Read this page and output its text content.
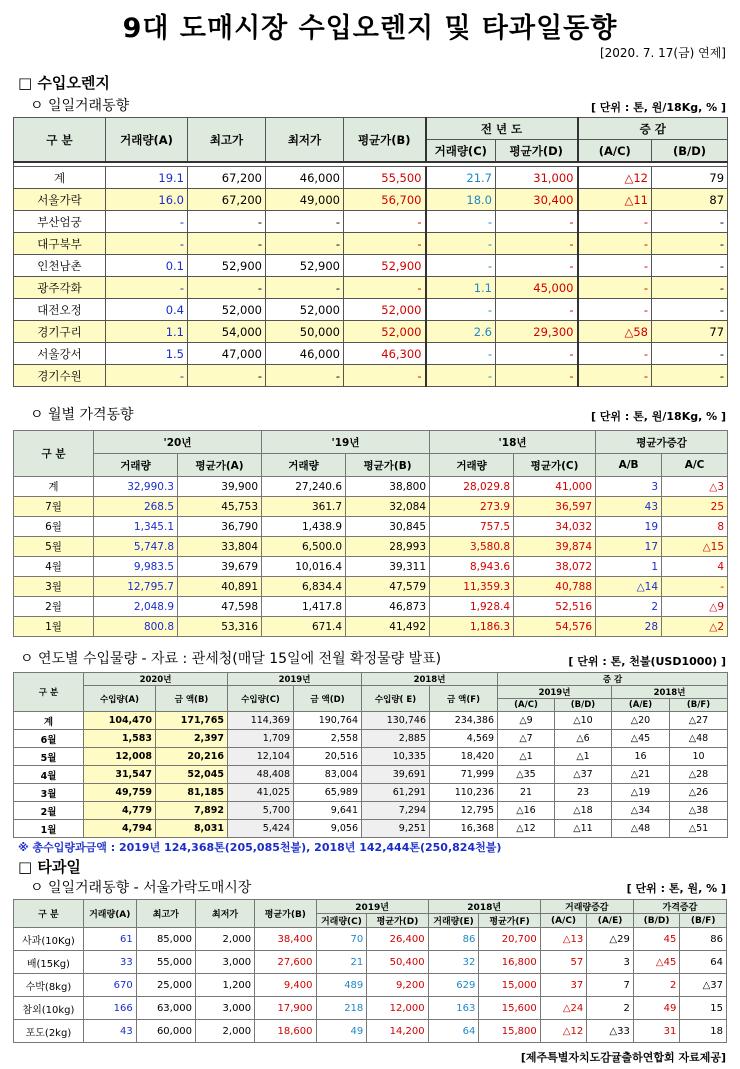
9대 도매시장 수입오렌지 및 타과일동향
[2020. 7. 17(금) 연제]
□ 수입오렌지
ㅇ 일일거래동향	[ 단위 : 톤, 원/18Kg, % ]
구 분	거래량(A)	최고가	최저가	평균가(B)	전 년 도		증 감	
					거래량(C)	평균가(D)	(A/C)	(B/D)

계	19.1	67,200	46,000	55,500	21.7	31,000	△12	79
서울가락	16.0	67,200	49,000	56,700	18.0	30,400	△11	87
부산엄궁	-	-	-	-	-	-	-	-
대구북부	-	-	-	-	-	-	-	-
인천남촌	0.1	52,900	52,900	52,900	-	-	-	-
광주각화	-	-	-	-	1.1	45,000	-	-
대전오정	0.4	52,000	52,000	52,000	-	-	-	-
경기구리	1.1	54,000	50,000	52,000	2.6	29,300	△58	77
서울강서	1.5	47,000	46,000	46,300	-	-	-	-
경기수원	-	-	-	-	-	-	-	-
ㅇ 월별 가격동향	[ 단위 : 톤, 원/18Kg, % ]
구 분	'20년		'19년		'18년		평균가증감	
	거래량	평균가(A)	거래량	평균가(B)	거래량	평균가(C)	A/B	A/C
계	32,990.3	39,900	27,240.6	38,800	28,029.8	41,000	3	△3
7월	268.5	45,753	361.7	32,084	273.9	36,597	43	25
6월	1,345.1	36,790	1,438.9	30,845	757.5	34,032	19	8
5월	5,747.8	33,804	6,500.0	28,993	3,580.8	39,874	17	△15
4월	9,983.5	39,679	10,016.4	39,311	8,943.6	38,072	1	4
3월	12,795.7	40,891	6,834.4	47,579	11,359.3	40,788	△14	-
2월	2,048.9	47,598	1,417.8	46,873	1,928.4	52,516	2	△9
1월	800.8	53,316	671.4	41,492	1,186.3	54,576	28	△2
ㅇ 연도별 수입물량 - 자료 : 관세청(매달 15일에 전월 확정물량 발표)	[ 단위 : 톤, 천불(USD1000) ]
구 분	2020년		2019년		2018년		증 감			
	수입량(A)	금 액(B)	수입량(C)	금 액(D)	수입량( E)	금 액(F)	2019년		2018년	
							(A/C)	(B/D)	(A/E)	(B/F)
계	104,470	171,765	114,369	190,764	130,746	234,386	△9	△10	△20	△27
6월	1,583	2,397	1,709	2,558	2,885	4,569	△7	△6	△45	△48
5월	12,008	20,216	12,104	20,516	10,335	18,420	△1	△1	16	10
4월	31,547	52,045	48,408	83,004	39,691	71,999	△35	△37	△21	△28
3월	49,759	81,185	41,025	65,989	61,291	110,236	21	23	△19	△26
2월	4,779	7,892	5,700	9,641	7,294	12,795	△16	△18	△34	△38
1월	4,794	8,031	5,424	9,056	9,251	16,368	△12	△11	△48	△51
※ 총수입량과금액 : 2019년 124,368톤(205,085천불), 2018년 142,444톤(250,824천불)
□ 타과일
ㅇ 일일거래동향 - 서울가락도매시장	[ 단위 : 톤, 원, % ]
구 분	거래량(A)	최고가	최저가	평균가(B)	2019년		2018년		거래량증감		가격증감	
					거래량(C)	평균가(D)	거래량(E)	평균가(F)	(A/C)	(A/E)	(B/D)	(B/F)
사과(10Kg)	61	85,000	2,000	38,400	70	26,400	86	20,700	△13	△29	45	86
배(15Kg)	33	55,000	3,000	27,600	21	50,400	32	16,800	57	3	△45	64
수박(8kg)	670	25,000	1,200	9,400	489	9,200	629	15,000	37	7	2	△37
참외(10kg)	166	63,000	3,000	17,900	218	12,000	163	15,600	△24	2	49	15
포도(2kg)	43	60,000	2,000	18,600	49	14,200	64	15,800	△12	△33	31	18
[제주특별자치도감귤출하연합회 자료제공]
